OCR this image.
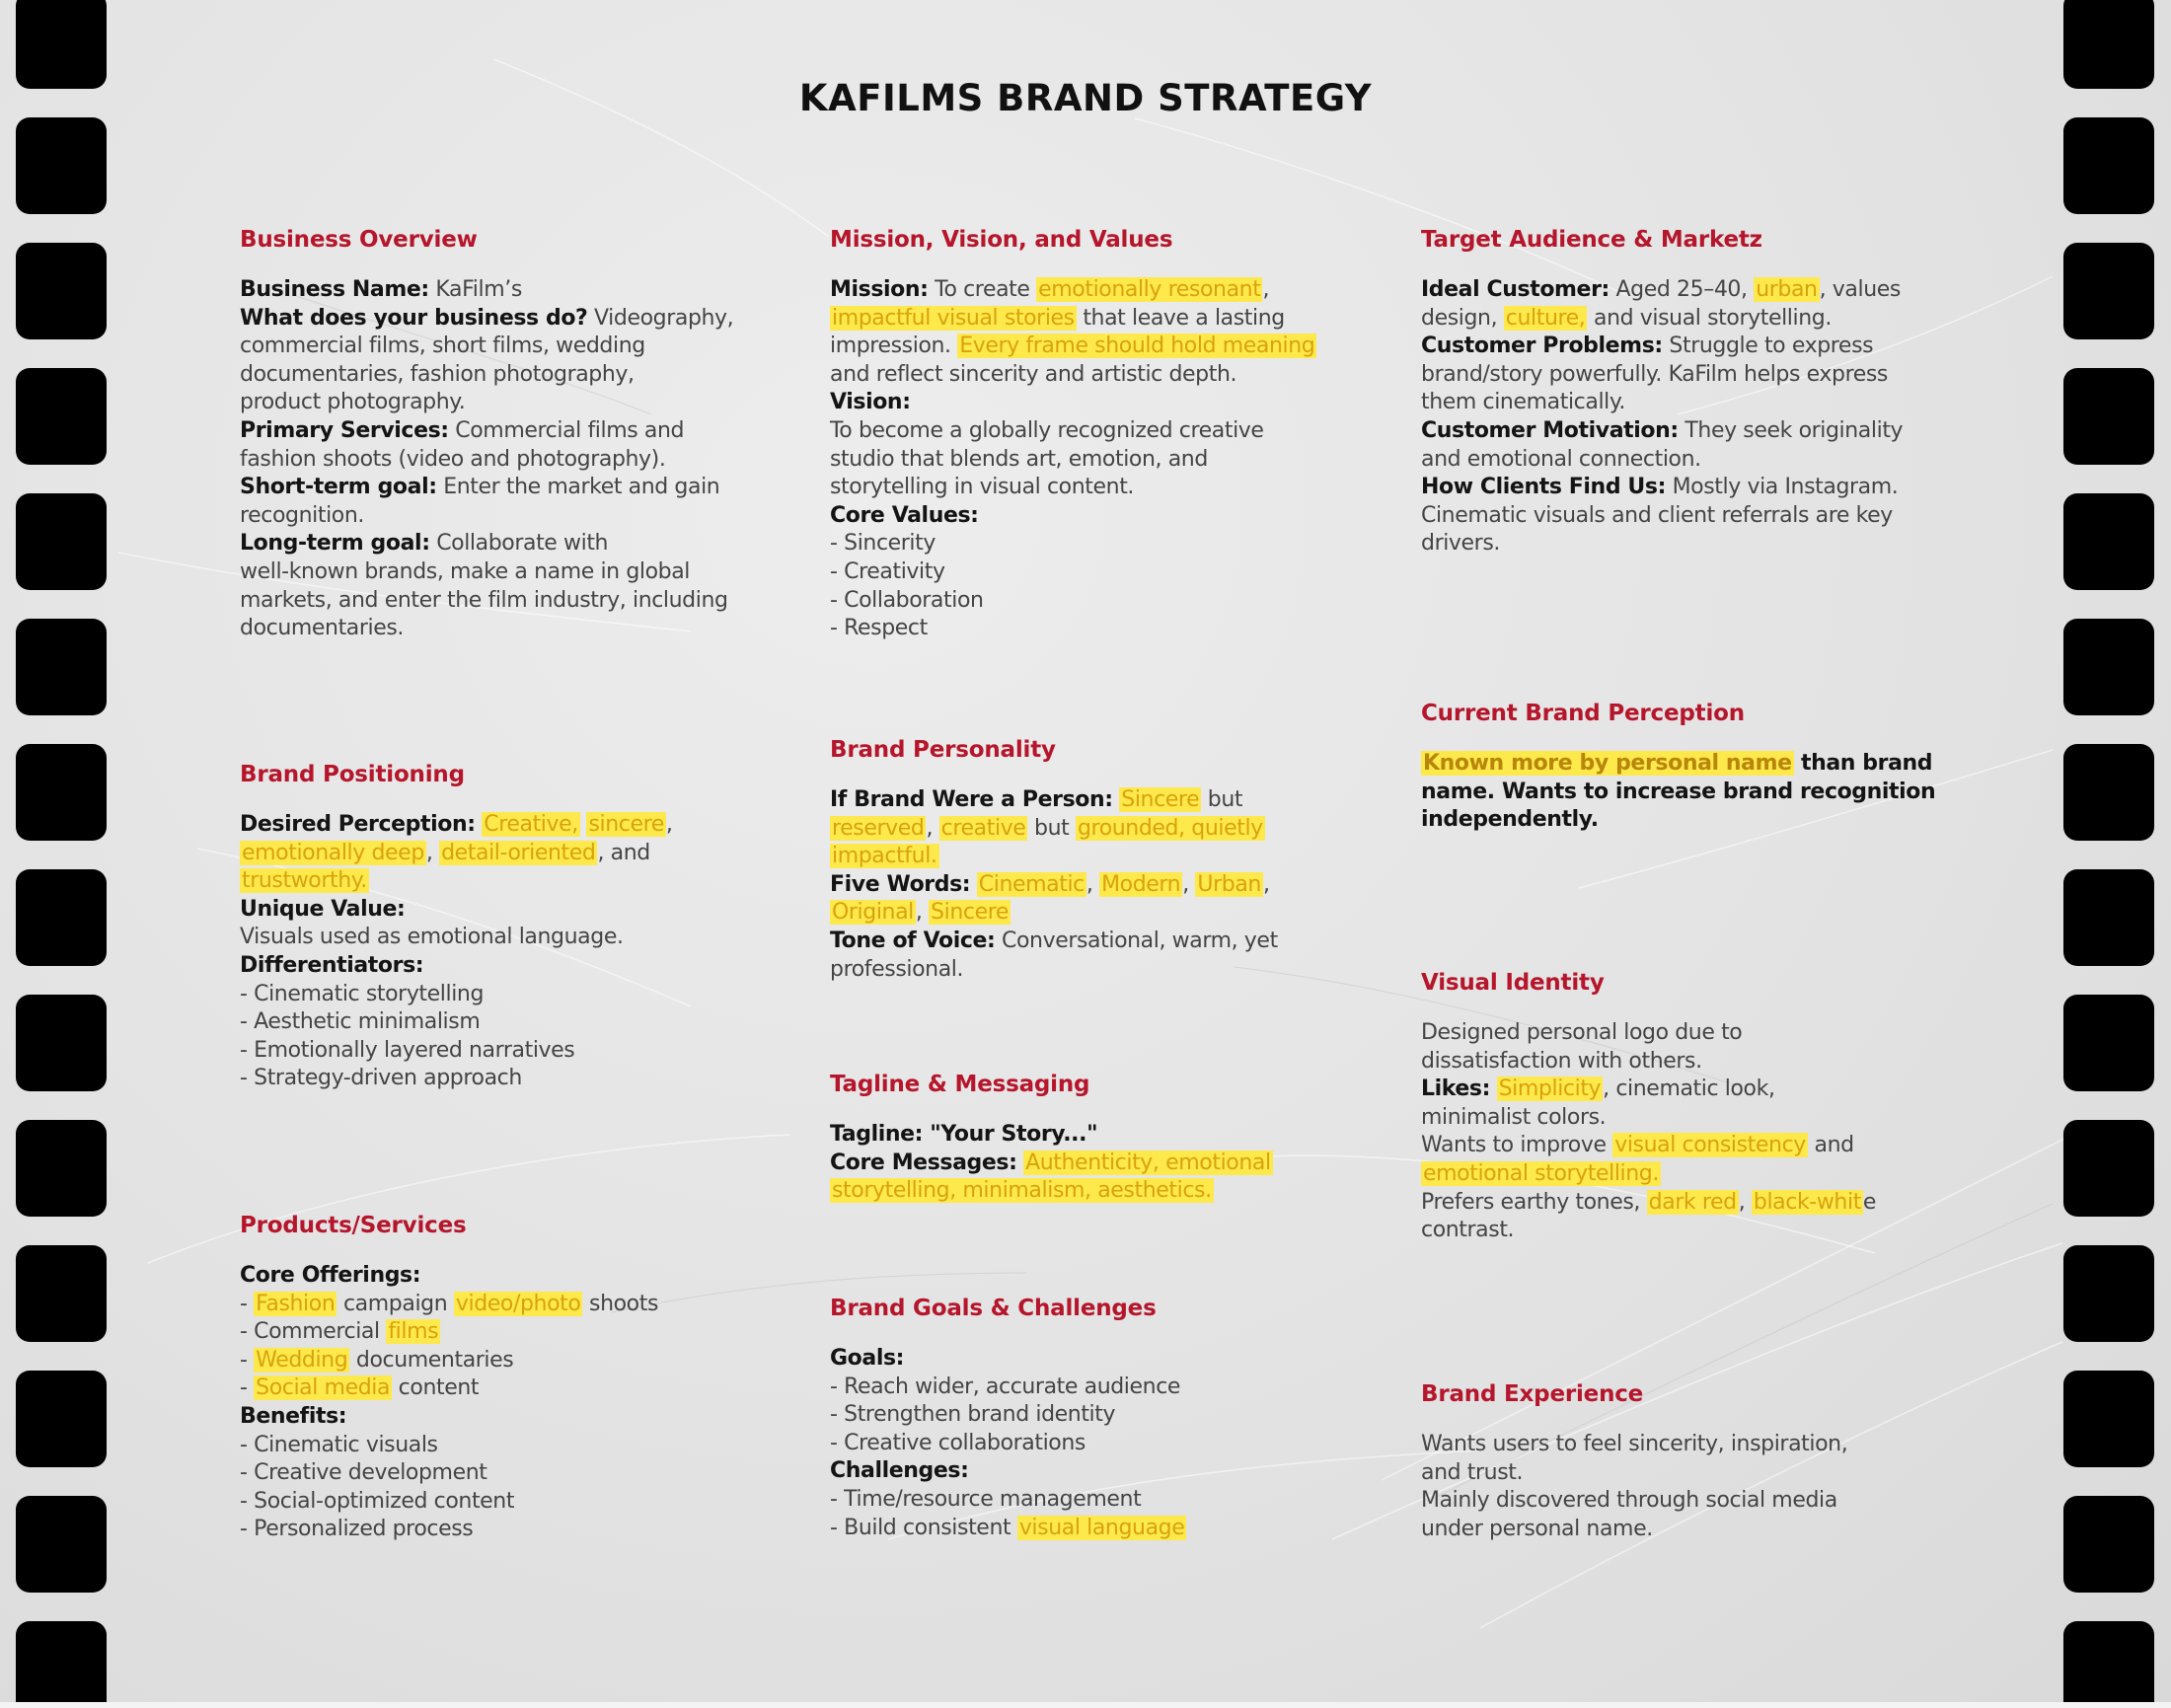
KAFILMS BRAND STRATEGY
Business Overview
Business Name: KaFilm’s
What does your business do? Videography,
commercial films, short films, wedding
documentaries, fashion photography,
product photography.
Primary Services: Commercial films and
fashion shoots (video and photography).
Short-term goal: Enter the market and gain
recognition.
Long-term goal: Collaborate with
well-known brands, make a name in global
markets, and enter the film industry, including
documentaries.
Brand Positioning
Desired Perception: Creative, sincere,
emotionally deep, detail-oriented, and
trustworthy.
Unique Value:
Visuals used as emotional language.
Differentiators:
- Cinematic storytelling
- Aesthetic minimalism
- Emotionally layered narratives
- Strategy-driven approach
Products/Services
Core Offerings:
- Fashion campaign video/photo shoots
- Commercial films
- Wedding documentaries
- Social media content
Benefits:
- Cinematic visuals
- Creative development
- Social-optimized content
- Personalized process
Mission, Vision, and Values
Mission: To create emotionally resonant,
impactful visual stories that leave a lasting
impression. Every frame should hold meaning
and reflect sincerity and artistic depth.
Vision:
To become a globally recognized creative
studio that blends art, emotion, and
storytelling in visual content.
Core Values:
- Sincerity
- Creativity
- Collaboration
- Respect
Brand Personality
If Brand Were a Person: Sincere but
reserved, creative but grounded, quietly
impactful.
Five Words: Cinematic, Modern, Urban,
Original, Sincere
Tone of Voice: Conversational, warm, yet
professional.
Tagline & Messaging
Tagline: "Your Story..."
Core Messages: Authenticity, emotional
storytelling, minimalism, aesthetics.
Brand Goals & Challenges
Goals:
- Reach wider, accurate audience
- Strengthen brand identity
- Creative collaborations
Challenges:
- Time/resource management
- Build consistent visual language
Target Audience & Marketz
Ideal Customer: Aged 25–40, urban, values
design, culture, and visual storytelling.
Customer Problems: Struggle to express
brand/story powerfully. KaFilm helps express
them cinematically.
Customer Motivation: They seek originality
and emotional connection.
How Clients Find Us: Mostly via Instagram.
Cinematic visuals and client referrals are key
drivers.
Current Brand Perception
Known more by personal name than brand
name. Wants to increase brand recognition
independently.
Visual Identity
Designed personal logo due to
dissatisfaction with others.
Likes: Simplicity, cinematic look,
minimalist colors.
Wants to improve visual consistency and
emotional storytelling.
Prefers earthy tones, dark red, black-white
contrast.
Brand Experience
Wants users to feel sincerity, inspiration,
and trust.
Mainly discovered through social media
under personal name.
